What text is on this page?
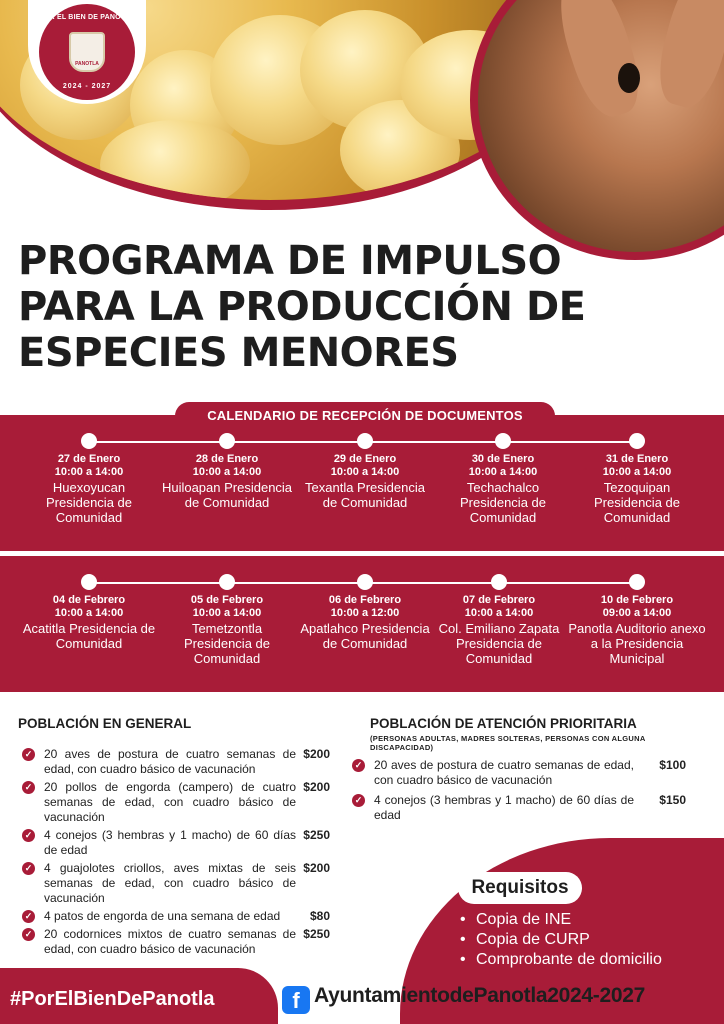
POR EL BIEN DE PANOTLA
PANOTLA
2024 - 2027
PROGRAMA DE IMPULSO
PARA LA PRODUCCIÓN DE
ESPECIES MENORES
27 de Enero
10:00 a 14:00
Huexoyucan Presidencia de Comunidad
28 de Enero
10:00 a 14:00
Huiloapan Presidencia de Comunidad
29 de Enero
10:00 a 14:00
Texantla Presidencia de Comunidad
30 de Enero
10:00 a 14:00
Techachalco Presidencia de Comunidad
31 de Enero
10:00 a 14:00
Tezoquipan Presidencia de Comunidad
CALENDARIO DE RECEPCIÓN DE DOCUMENTOS
04 de Febrero
10:00 a 14:00
Acatitla Presidencia de Comunidad
05 de Febrero
10:00 a 14:00
Temetzontla Presidencia de Comunidad
06 de Febrero
10:00 a 12:00
Apatlahco Presidencia de Comunidad
07 de Febrero
10:00 a 14:00
Col. Emiliano Zapata Presidencia de Comunidad
10 de Febrero
09:00 a 14:00
Panotla Auditorio anexo a la Presidencia Municipal
POBLACIÓN EN GENERAL
✓ 20 aves de postura de cuatro semanas de edad, con cuadro básico de vacunación
$200
✓ 20 pollos de engorda (campero) de cuatro semanas de edad, con cuadro básico de vacunación
$200
✓ 4 conejos (3 hembras y 1 macho) de 60 días de edad
$250
✓ 4 guajolotes criollos, aves mixtas de seis semanas de edad, con cuadro básico de vacunación
$200
✓ 4 patos de engorda de una semana de edad	$80
✓ 20 codornices mixtos de cuatro semanas de edad, con cuadro básico de vacunación
$250
POBLACIÓN DE ATENCIÓN PRIORITARIA
(PERSONAS ADULTAS, MADRES SOLTERAS, PERSONAS CON ALGUNA DISCAPACIDAD)
✓ 20 aves de postura de cuatro semanas de edad, con cuadro básico de vacunación
$100
✓ 4 conejos (3 hembras y 1 macho) de 60 días de edad
$150
Requisitos
• Copia de INE
• Copia de CURP
• Comprobante de domicilio
#PorElBienDePanotla	f AyuntamientodePanotla2024-2027
